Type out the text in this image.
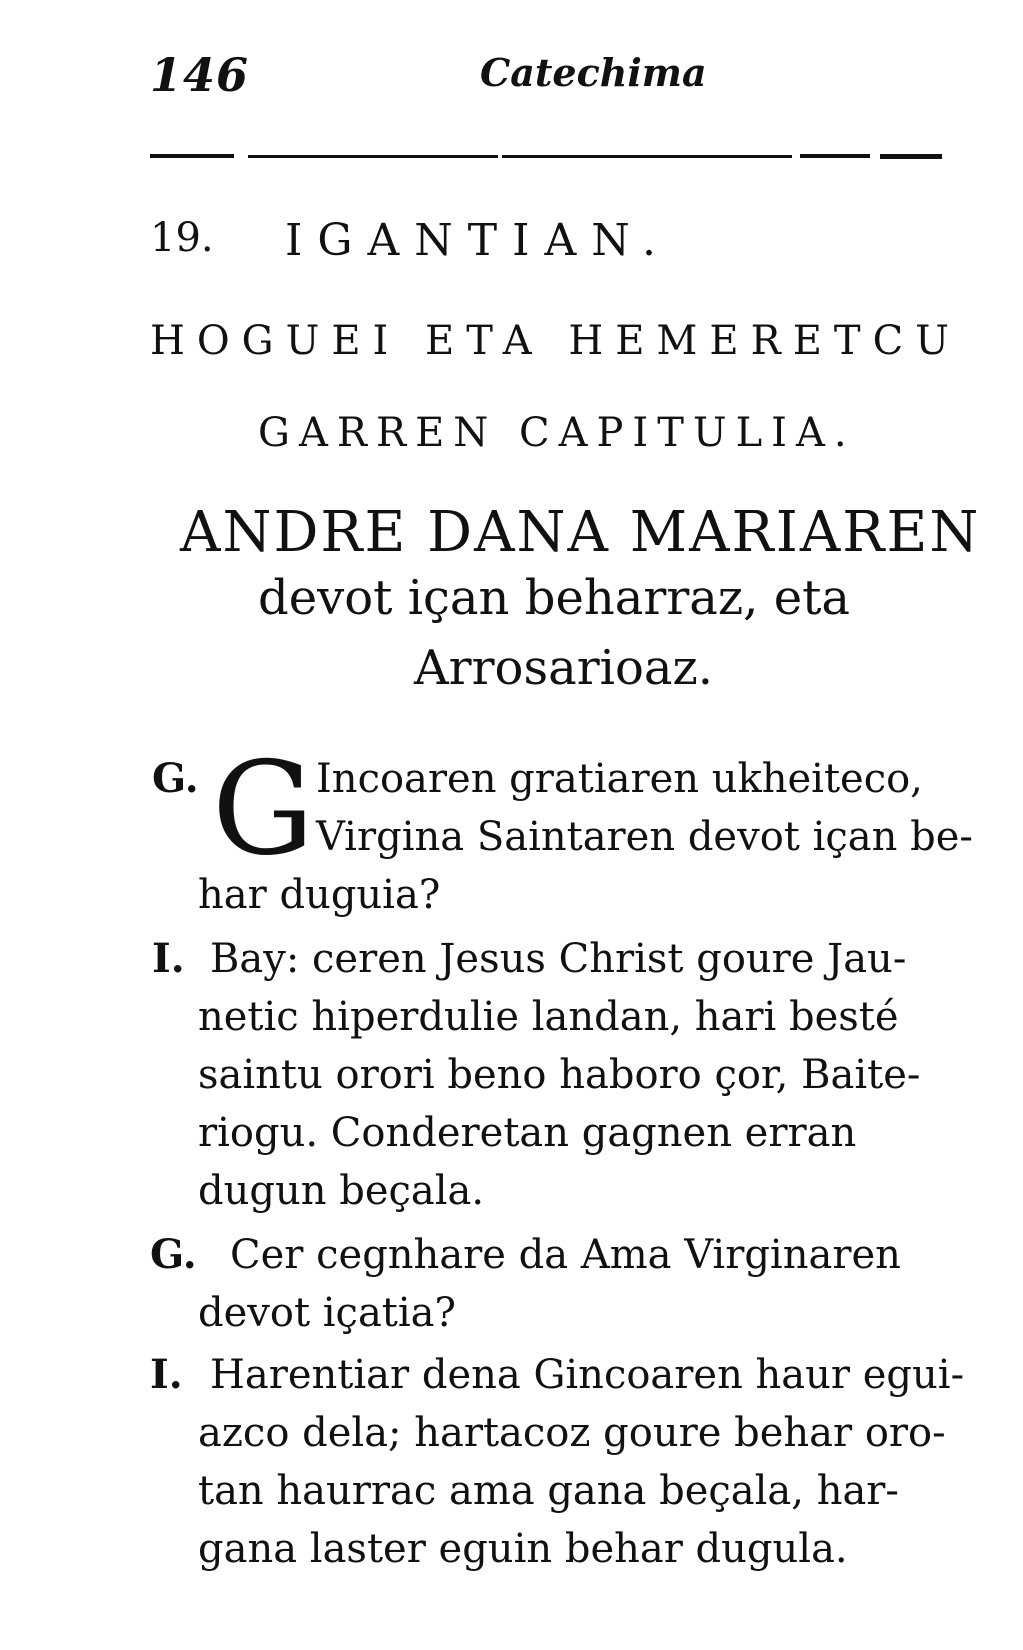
146	Catechima
19. IGANTIAN.
HOGUEI ETA HEMERETCU
GARREN CAPITULIA.
ANDRE DANA MARIAREN
devot içan beharraz, eta
Arrosarioaz.
G. G Incoaren gratiaren ukheiteco,
Virgina Saintaren devot içan be-
har duguia?
I. Bay: ceren Jesus Christ goure Jau-
netic hiperdulie landan, hari besté
saintu orori beno haboro çor, Baite-
riogu. Conderetan gagnen erran
dugun beçala.
G. Cer cegnhare da Ama Virginaren
devot içatia?
I. Harentiar dena Gincoaren haur egui-
azco dela; hartacoz goure behar oro-
tan haurrac ama gana beçala, har-
gana laster eguin behar dugula.
